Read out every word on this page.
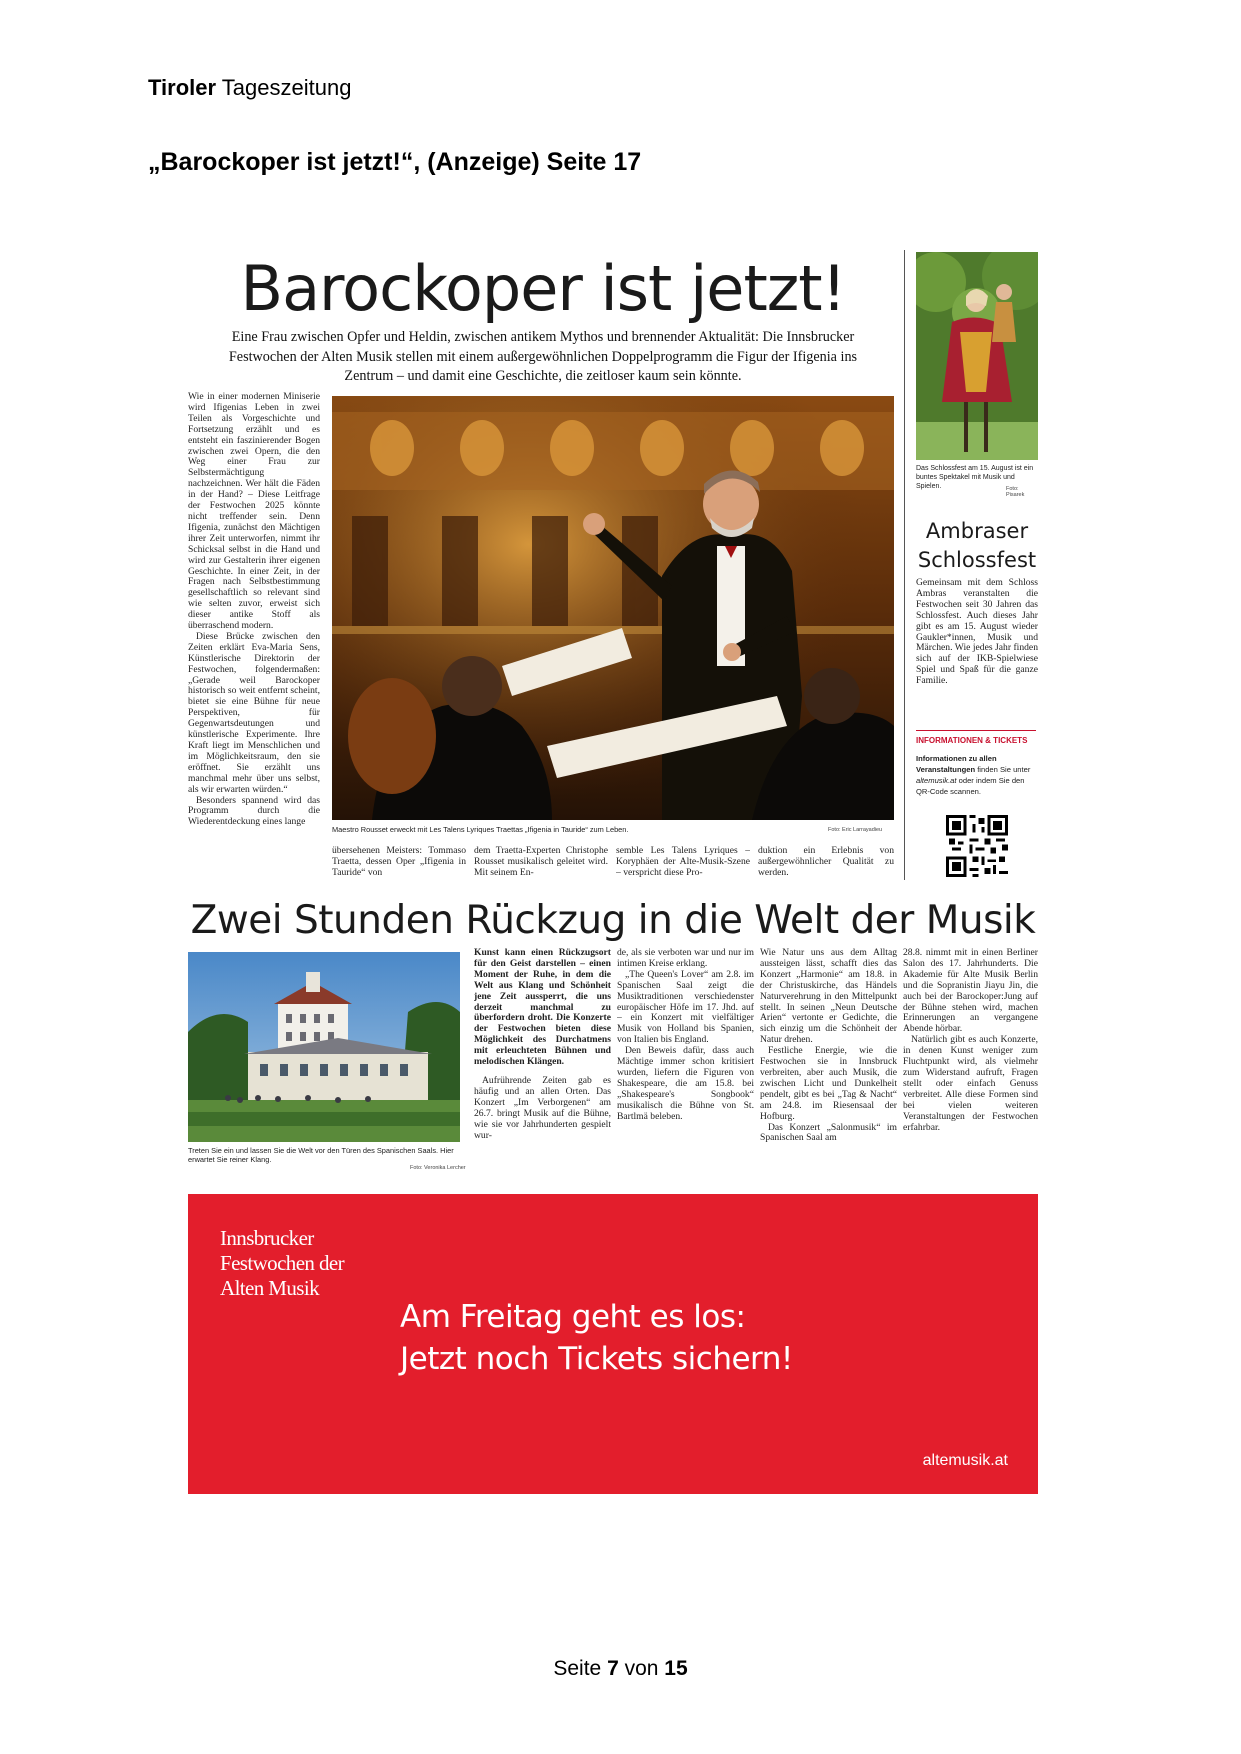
Tiroler Tageszeitung
„Barockoper ist jetzt!“, (Anzeige) Seite 17
Barockoper ist jetzt!
Eine Frau zwischen Opfer und Heldin, zwischen antikem Mythos und brennender Aktualität: Die Innsbrucker Festwochen der Alten Musik stellen mit einem außergewöhnlichen Doppelprogramm die Figur der Ifigenia ins Zentrum – und damit eine Geschichte, die zeitloser kaum sein könnte.

Wie in einer modernen Miniserie wird Ifigenias Leben in zwei Teilen als Vorgeschichte und Fortsetzung erzählt und es entsteht ein faszinierender Bogen zwischen zwei Opern, die den Weg einer Frau zur Selbstermächtigung nachzeichnen. Wer hält die Fäden in der Hand? – Diese Leitfrage der Festwochen 2025 könnte nicht treffender sein. Denn Ifigenia, zunächst den Mächtigen ihrer Zeit unterworfen, nimmt ihr Schicksal selbst in die Hand und wird zur Gestalterin ihrer eigenen Geschichte. In einer Zeit, in der Fragen nach Selbstbestimmung gesellschaftlich so relevant sind wie selten zuvor, erweist sich dieser antike Stoff als überraschend modern.

Diese Brücke zwischen den Zeiten erklärt Eva-Maria Sens, Künstlerische Direktorin der Festwochen, folgendermaßen: „Gerade weil Barockoper historisch so weit entfernt scheint, bietet sie eine Bühne für neue Perspektiven, für Gegenwartsdeutungen und künstlerische Experimente. Ihre Kraft liegt im Menschlichen und im Möglichkeitsraum, den sie eröffnet. Sie erzählt uns manchmal mehr über uns selbst, als wir erwarten würden.“

Besonders spannend wird das Programm durch die Wiederentdeckung eines lange

Maestro Rousset erweckt mit Les Talens Lyriques Traettas „Ifigenia in Tauride“ zum Leben.	Foto: Eric Larrayadieu
übersehenen Meisters: Tommaso Traetta, dessen Oper „Ifigenia in Tauride“ von
dem Traetta-Experten Christophe Rousset musikalisch geleitet wird. Mit seinem En-
semble Les Talens Lyriques – Koryphäen der Alte-Musik-Szene – verspricht diese Pro-
duktion ein Erlebnis von außergewöhnlicher Qualität zu werden.
Das Schlossfest am 15. August ist ein buntes Spektakel mit Musik und Spielen.	Foto: Pisarek
Ambraser Schlossfest
Gemeinsam mit dem Schloss Ambras veranstalten die Festwochen seit 30 Jahren das Schlossfest. Auch dieses Jahr gibt es am 15. August wieder Gaukler*innen, Musik und Märchen. Wie jedes Jahr finden sich auf der IKB-Spielwiese Spiel und Spaß für die ganze Familie.
INFORMATIONEN & TICKETS
Informationen zu allen Veranstaltungen finden Sie unter altemusik.at oder indem Sie den QR-Code scannen.
Zwei Stunden Rückzug in die Welt der Musik
Treten Sie ein und lassen Sie die Welt vor den Türen des Spanischen Saals. Hier erwartet Sie reiner Klang.
Foto: Veronika Lercher

Kunst kann einen Rückzugsort für den Geist darstellen – einen Moment der Ruhe, in dem die Welt aus Klang und Schönheit jene Zeit aussperrt, die uns derzeit manchmal zu überfordern droht. Die Konzerte der Festwochen bieten diese Möglichkeit des Durchatmens mit erleuchteten Bühnen und melodischen Klängen.

Aufrührende Zeiten gab es häufig und an allen Orten. Das Konzert „Im Verborgenen“ am 26.7. bringt Musik auf die Bühne, wie sie vor Jahrhunderten gespielt wur-

de, als sie verboten war und nur im intimen Kreise erklang.

„The Queen's Lover“ am 2.8. im Spanischen Saal zeigt die Musiktraditionen verschiedenster europäischer Höfe im 17. Jhd. auf – ein Konzert mit vielfältiger Musik von Holland bis Spanien, von Italien bis England.

Den Beweis dafür, dass auch Mächtige immer schon kritisiert wurden, liefern die Figuren von Shakespeare, die am 15.8. bei „Shakespeare's Songbook“ musikalisch die Bühne von St. Bartlmä beleben.

Wie Natur uns aus dem Alltag aussteigen lässt, schafft dies das Konzert „Harmonie“ am 18.8. in der Christuskirche, das Händels Naturverehrung in den Mittelpunkt stellt. In seinen „Neun Deutsche Arien“ vertonte er Gedichte, die sich einzig um die Schönheit der Natur drehen.

Festliche Energie, wie die Festwochen sie in Innsbruck verbreiten, aber auch Musik, die zwischen Licht und Dunkelheit pendelt, gibt es bei „Tag & Nacht“ am 24.8. im Riesensaal der Hofburg.

Das Konzert „Salonmusik“ im Spanischen Saal am

28.8. nimmt mit in einen Berliner Salon des 17. Jahrhunderts. Die Akademie für Alte Musik Berlin und die Sopranistin Jiayu Jin, die auch bei der Barockoper:Jung auf der Bühne stehen wird, machen Erinnerungen an vergangene Abende hörbar.

Natürlich gibt es auch Konzerte, in denen Kunst weniger zum Fluchtpunkt wird, als vielmehr zum Widerstand aufruft, Fragen stellt oder einfach Genuss verbreitet. Alle diese Formen sind bei vielen weiteren Veranstaltungen der Festwochen erfahrbar.

Innsbrucker
Festwochen der
Alten Musik
Am Freitag geht es los:
Jetzt noch Tickets sichern!
altemusik.at
Seite 7 von 15
